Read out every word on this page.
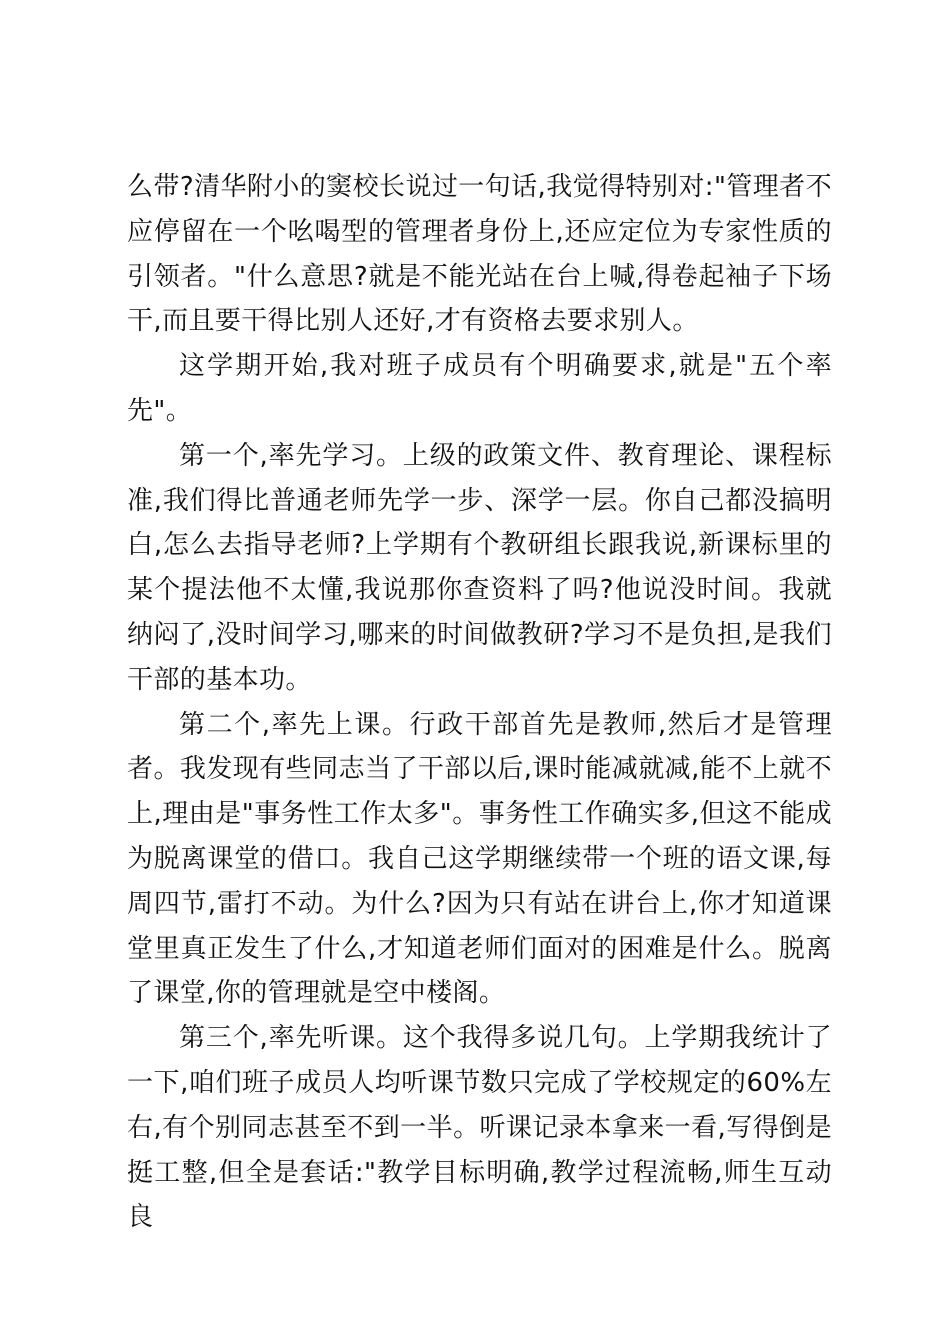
么带?清华附小的窦校长说过一句话,我觉得特别对:"管理者不应停留在一个吆喝型的管理者身份上,还应定位为专家性质的引领者。"什么意思?就是不能光站在台上喊,得卷起袖子下场干,而且要干得比别人还好,才有资格去要求别人。

这学期开始,我对班子成员有个明确要求,就是"五个率先"。

第一个,率先学习。上级的政策文件、教育理论、课程标准,我们得比普通老师先学一步、深学一层。你自己都没搞明白,怎么去指导老师?上学期有个教研组长跟我说,新课标里的某个提法他不太懂,我说那你查资料了吗?他说没时间。我就纳闷了,没时间学习,哪来的时间做教研?学习不是负担,是我们干部的基本功。

第二个,率先上课。行政干部首先是教师,然后才是管理者。我发现有些同志当了干部以后,课时能减就减,能不上就不上,理由是"事务性工作太多"。事务性工作确实多,但这不能成为脱离课堂的借口。我自己这学期继续带一个班的语文课,每周四节,雷打不动。为什么?因为只有站在讲台上,你才知道课堂里真正发生了什么,才知道老师们面对的困难是什么。脱离了课堂,你的管理就是空中楼阁。

第三个,率先听课。这个我得多说几句。上学期我统计了一下,咱们班子成员人均听课节数只完成了学校规定的60%左右,有个别同志甚至不到一半。听课记录本拿来一看,写得倒是挺工整,但全是套话:"教学目标明确,教学过程流畅,师生互动良
